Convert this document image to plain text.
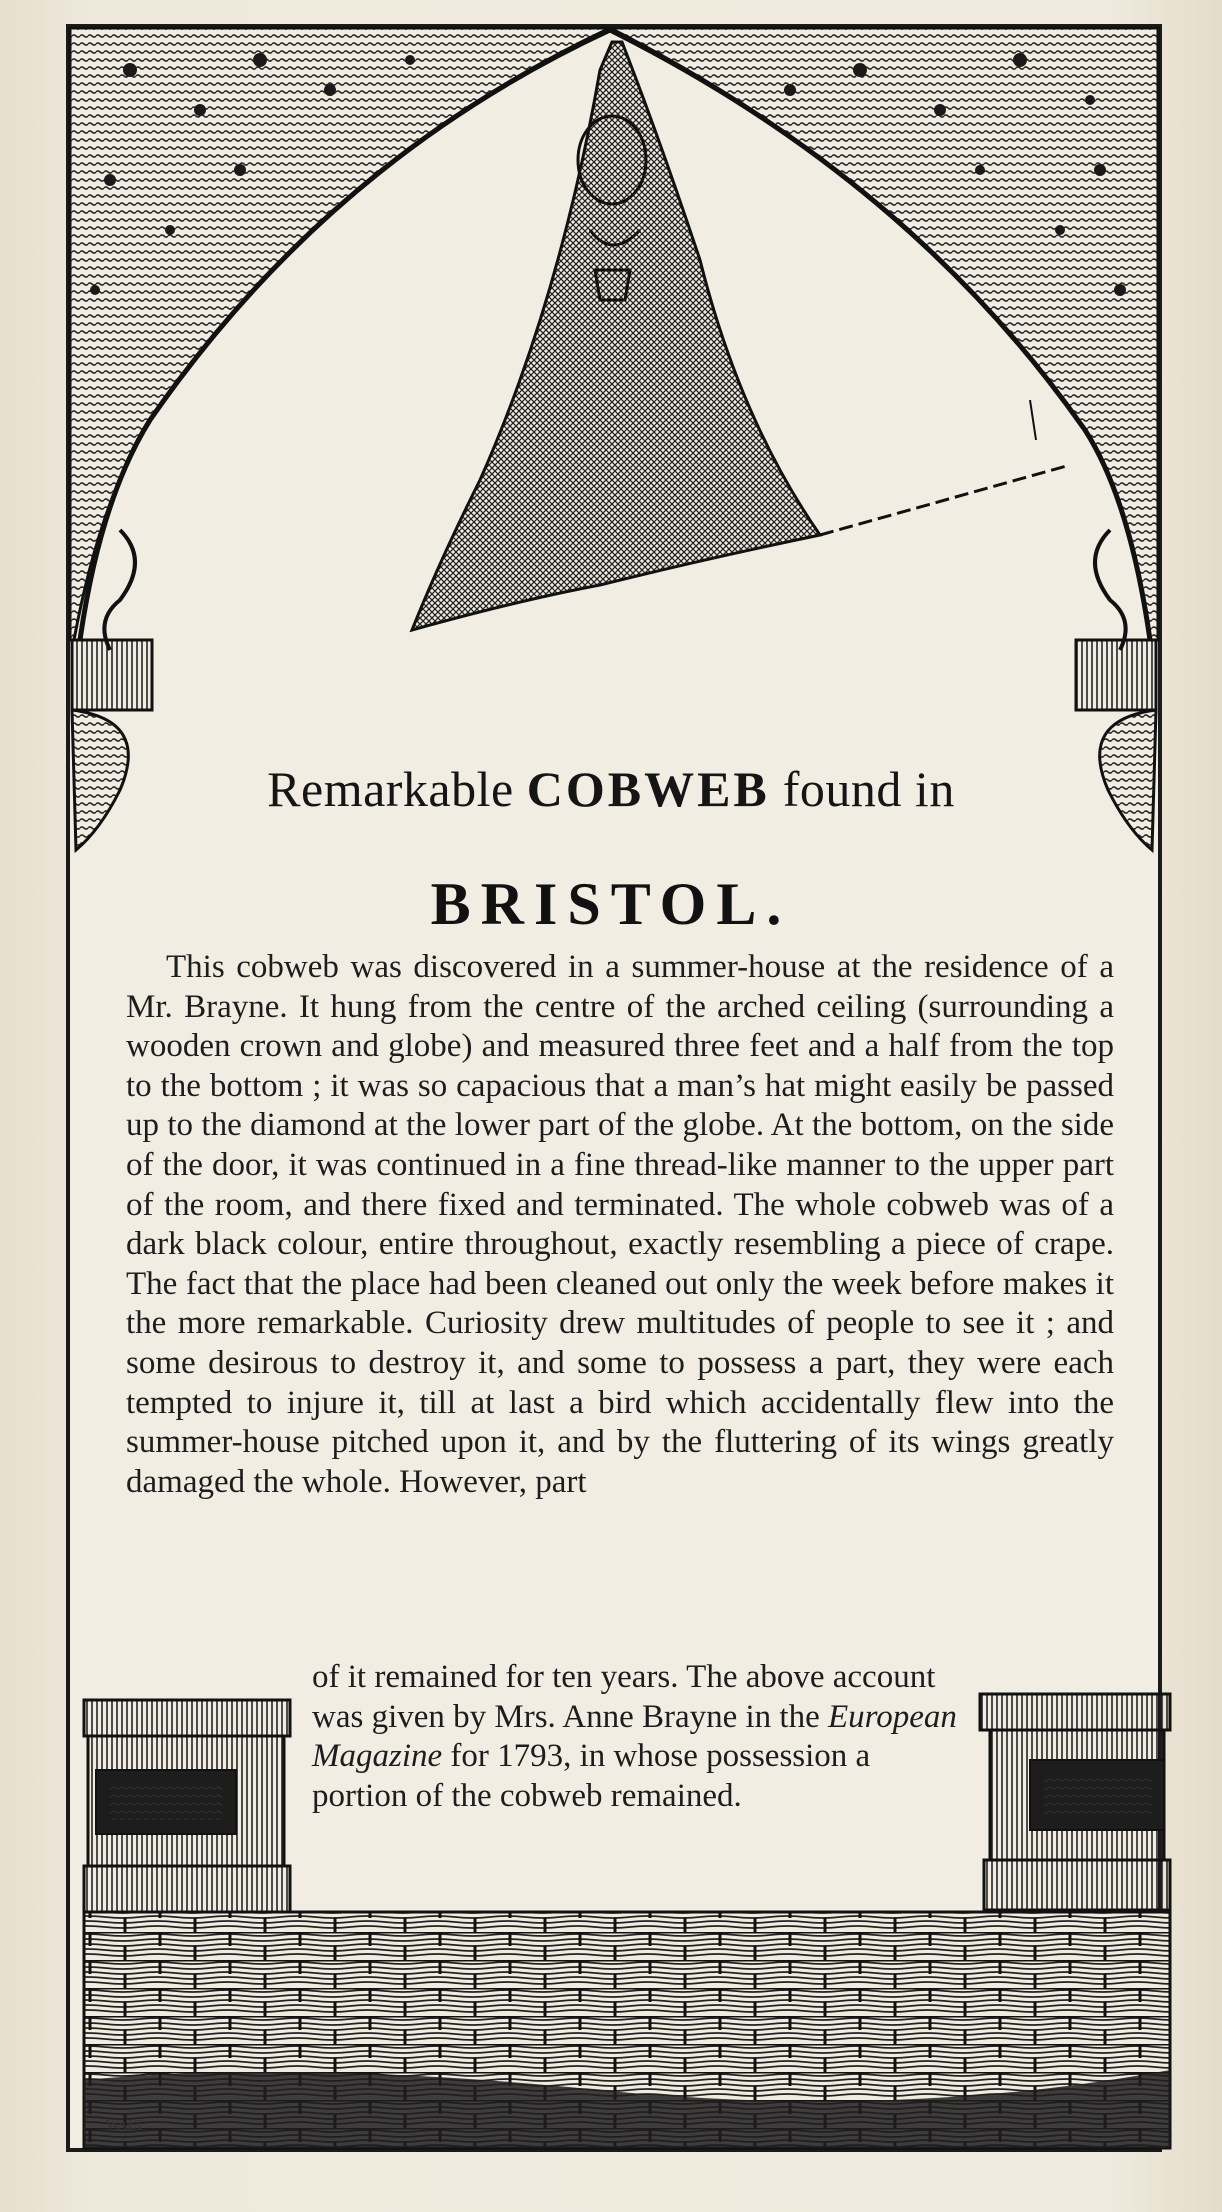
Remarkable COBWEB found in
BRISTOL.
This cobweb was discovered in a summer-house at the residence of a Mr. Brayne. It hung from the centre of the arched ceiling (surrounding a wooden crown and globe) and measured three feet and a half from the top to the bottom ; it was so capacious that a man’s hat might easily be passed up to the diamond at the lower part of the globe. At the bottom, on the side of the door, it was continued in a fine thread-like manner to the upper part of the room, and there fixed and terminated. The whole cobweb was of a dark black colour, entire throughout, exactly resembling a piece of crape. The fact that the place had been cleaned out only the week before makes it the more remarkable. Curiosity drew multitudes of people to see it ; and some desirous to destroy it, and some to possess a part, they were each tempted to injure it, till at last a bird which accidentally flew into the summer-house pitched upon it, and by the fluttering of its wings greatly damaged the whole. However, part
of it remained for ten years. The above account was given by Mrs. Anne Brayne in the European Magazine for 1793, in whose possession a portion of the cobweb remained.
WALT
